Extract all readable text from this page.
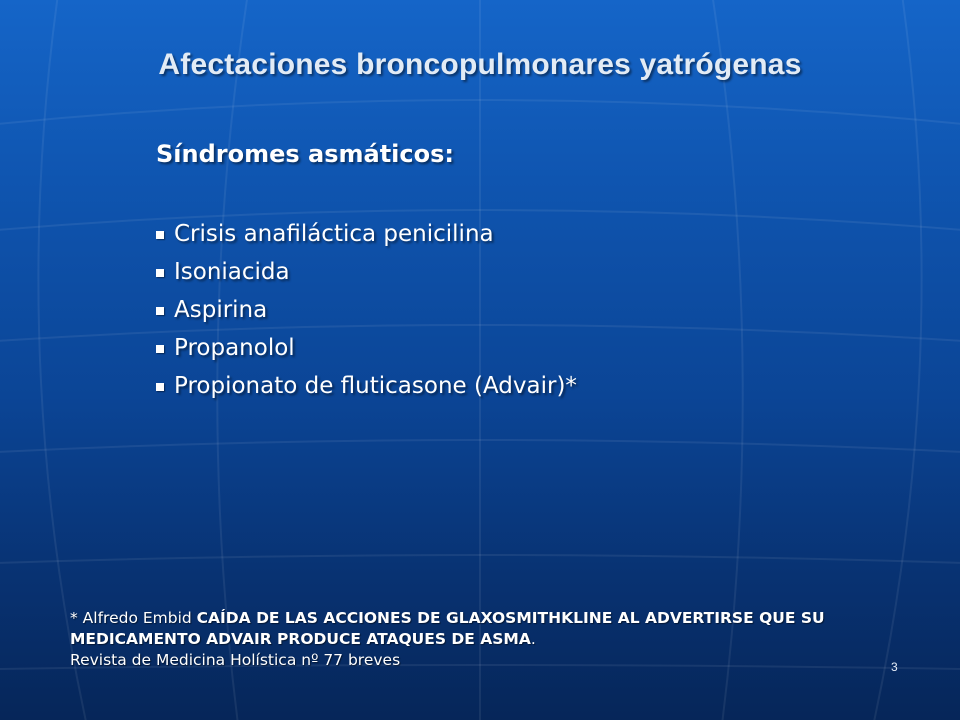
Afectaciones broncopulmonares yatrógenas
Síndromes asmáticos:
Crisis anafiláctica penicilina
Isoniacida
Aspirina
Propanolol
Propionato de fluticasone (Advair)*
* Alfredo Embid CAÍDA DE LAS ACCIONES DE GLAXOSMITHKLINE AL ADVERTIRSE QUE SU MEDICAMENTO ADVAIR PRODUCE ATAQUES DE ASMA.
Revista de Medicina Holística nº 77 breves	3
